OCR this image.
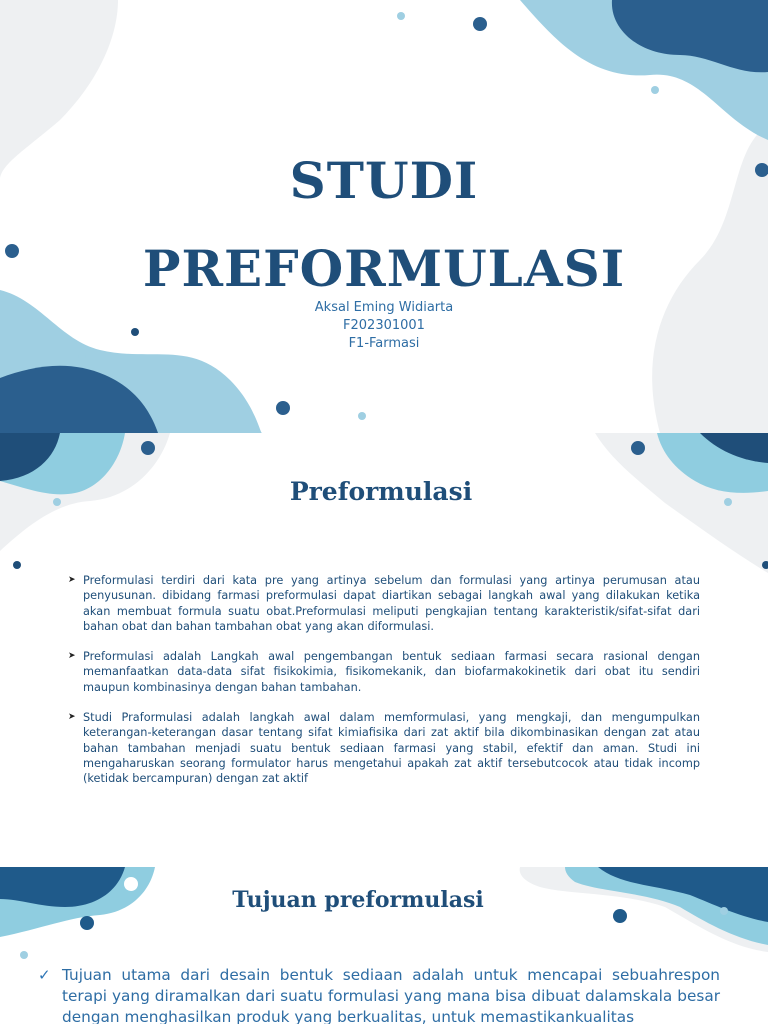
STUDI
PREFORMULASI
Aksal Eming Widiarta
F202301001
F1-Farmasi
Preformulasi
➤ Preformulasi terdiri dari kata pre yang artinya sebelum dan formulasi yang artinya perumusan atau penyusunan. dibidang farmasi preformulasi dapat diartikan sebagai langkah awal yang dilakukan ketika akan membuat formula suatu obat.Preformulasi meliputi pengkajian tentang karakteristik/sifat-sifat dari bahan obat dan bahan tambahan obat yang akan diformulasi.
➤ Preformulasi adalah Langkah awal pengembangan bentuk sediaan farmasi secara rasional dengan memanfaatkan data-data sifat fisikokimia, fisikomekanik, dan biofarmakokinetik dari obat itu sendiri maupun kombinasinya dengan bahan tambahan.
➤ Studi Praformulasi adalah langkah awal dalam memformulasi, yang mengkaji, dan mengumpulkan keterangan-keterangan dasar tentang sifat kimiafisika dari zat aktif bila dikombinasikan dengan zat atau bahan tambahan menjadi suatu bentuk sediaan farmasi yang stabil, efektif dan aman. Studi ini mengaharuskan seorang formulator harus mengetahui apakah zat aktif tersebutcocok atau tidak incomp (ketidak bercampuran) dengan zat aktif
Tujuan preformulasi
✓ Tujuan utama dari desain bentuk sediaan adalah untuk mencapai sebuahrespon terapi yang diramalkan dari suatu formulasi yang mana bisa dibuat dalamskala besar dengan menghasilkan produk yang berkualitas, untuk memastikankualitas
